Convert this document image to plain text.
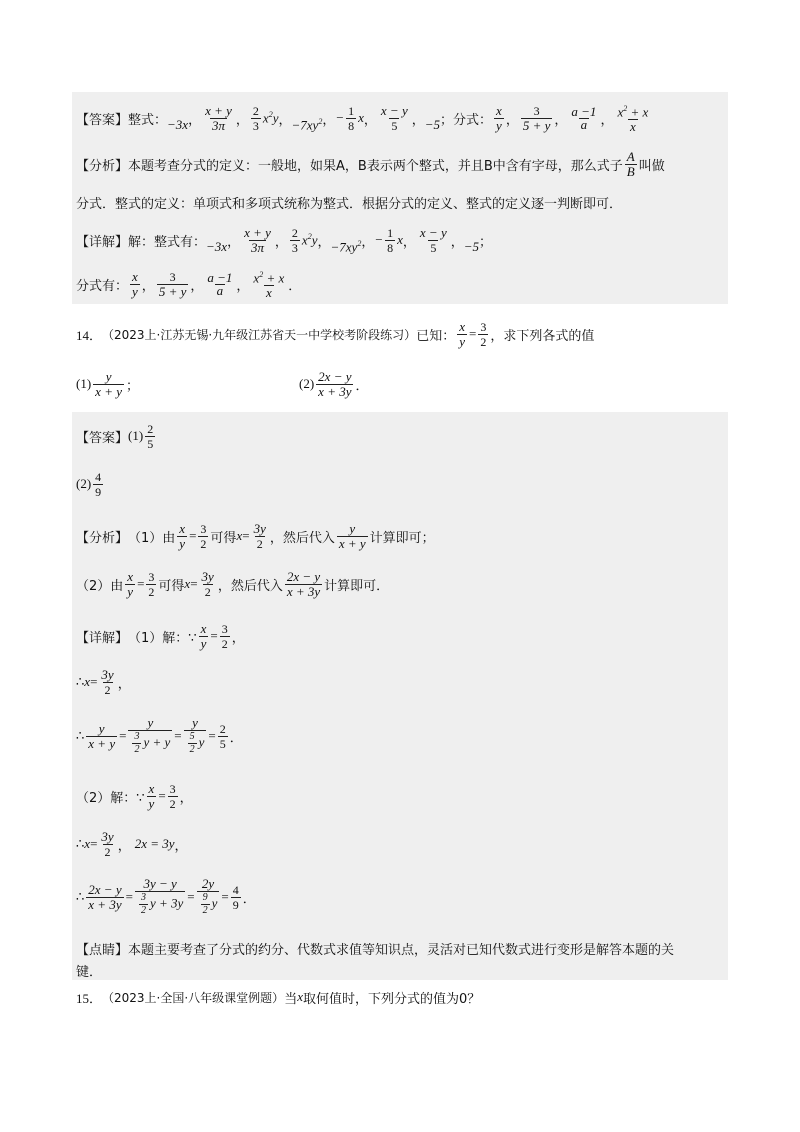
【答案】 整式： −3x ， $\frac{x + y}{3\pi}$ ， $\frac{2}{3} x^2y$ ， $-7xy^2$ ， − $\frac{1}{8}$ x ， $\frac{x - y}{5}$ ， −5 ； 分式： $\frac{x}{y}$ ， $\frac{3}{5 + y}$ ， $\frac{a -1}{a}$ ， $\frac{x^2 + x}{x}$
【分析】 本题考查分式的定义：一般地，如果A，B表示两个整式，并且B中含有字母，那么式子 $\frac{A}{B}$ 叫做
分式．整式的定义：单项式和多项式统称为整式．根据分式的定义、整式的定义逐一判断即可．
【详解】 解：整式有： −3x ， $\frac{x + y}{3\pi}$ ， $\frac{2}{3} x^2y$ ， $-7xy^2$ ， − $\frac{1}{8}$ x ， $\frac{x - y}{5}$ ， −5 ；
分式有： $\frac{x}{y}$ ， $\frac{3}{5 + y}$ ， $\frac{a -1}{a}$ ， $\frac{x^2 + x}{x}$ ．
14． （2023上·江苏无锡·九年级江苏省天一中学校考阶段练习） 已知： $\frac{x}{y} = \frac{3}{2}$ ，求下列各式的值
$(1) \frac{y}{x + y}$ ；	$(2) \frac{2x - y}{x + 3y}$ ．
【答案】 $(1) \frac{2}{5}$
$(2) \frac{4}{9}$
【分析】 （1）由 $\frac{x}{y} = \frac{3}{2}$ 可得 $x = \frac{3y}{2}$ ，然后代入 $\frac{y}{x + y}$ 计算即可；
（2）由 $\frac{x}{y} = \frac{3}{2}$ 可得 $x = \frac{3y}{2}$ ，然后代入 $\frac{2x - y}{x + 3y}$ 计算即可．
【详解】 （1）解：∵ $\frac{x}{y} = \frac{3}{2}$ ，
∴ $x = \frac{3y}{2}$ ，
∴ $\frac{y}{x + y} = \frac{y}{\frac{3}{2} y + y} = \frac{y}{\frac{5}{2} y} = \frac{2}{5}$ ．
（2）解：∵ $\frac{x}{y} = \frac{3}{2}$ ，
∴ $x = \frac{3y}{2}$ ， 2x = 3y ，
∴ $\frac{2x - y}{x + 3y} = \frac{3y - y}{\frac{3}{2} y + 3y} = \frac{2y}{\frac{9}{2} y} = \frac{4}{9}$ ．
【点睛】 本题主要考查了分式的约分、代数式求值等知识点，灵活对已知代数式进行变形是解答本题的关
键．
15． （2023上·全国·八年级课堂例题） 当 x 取何值时，下列分式的值为0？
